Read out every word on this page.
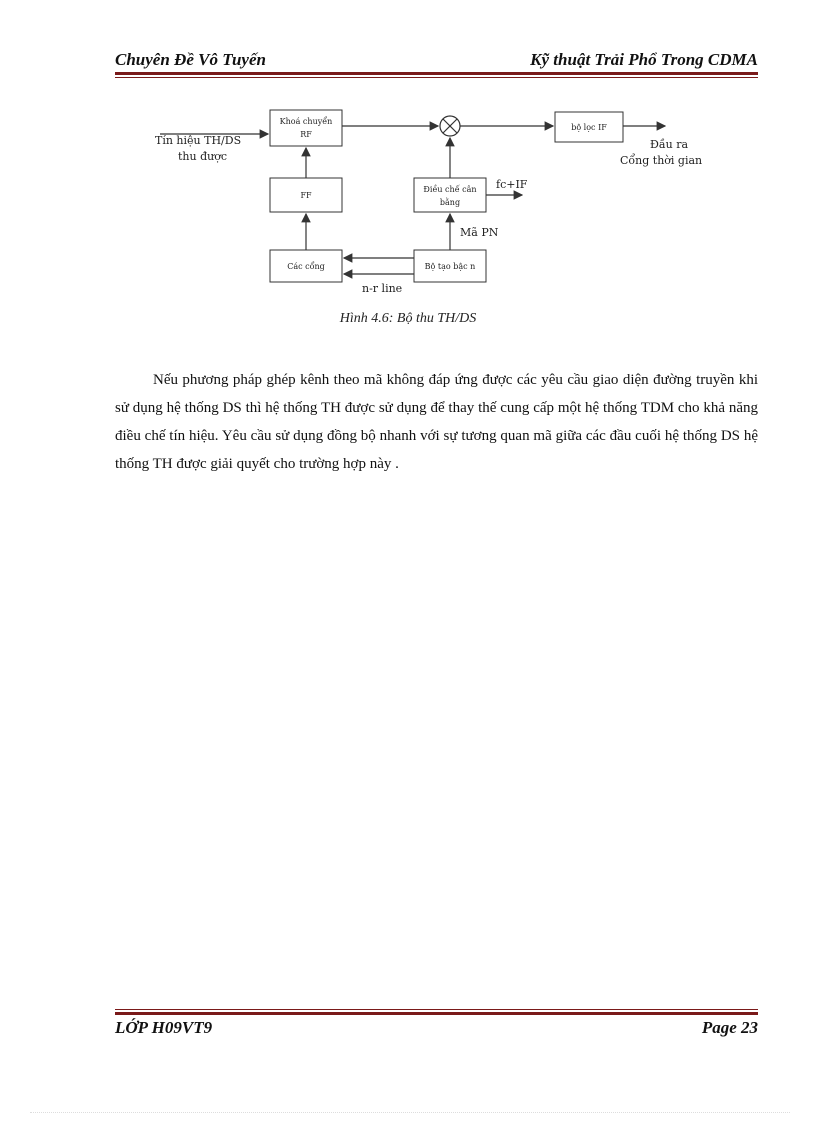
Chuyên Đề Vô Tuyến	Kỹ thuật Trải Phổ Trong CDMA
Tín hiệu TH/DS
thu được
Khoá chuyển
RF
bộ lọc IF
Đầu ra
Cổng thời gian
FF
Điều chế cân
bằng
fc+IF
Các cổng	Bộ tạo bậc n
Mã PN
n-r line
Hình 4.6: Bộ thu TH/DS

Nếu phương pháp ghép kênh theo mã không đáp ứng được các yêu cầu giao diện đường truyền khi sử dụng hệ thống DS thì hệ thống TH được sử dụng để thay thế cung cấp một hệ thống TDM cho khả năng điều chế tín hiệu. Yêu cầu sử dụng đồng bộ nhanh với sự tương quan mã giữa các đầu cuối hệ thống DS hệ thống TH được giải quyết cho trường hợp này .

LỚP H09VT9	Page 23
